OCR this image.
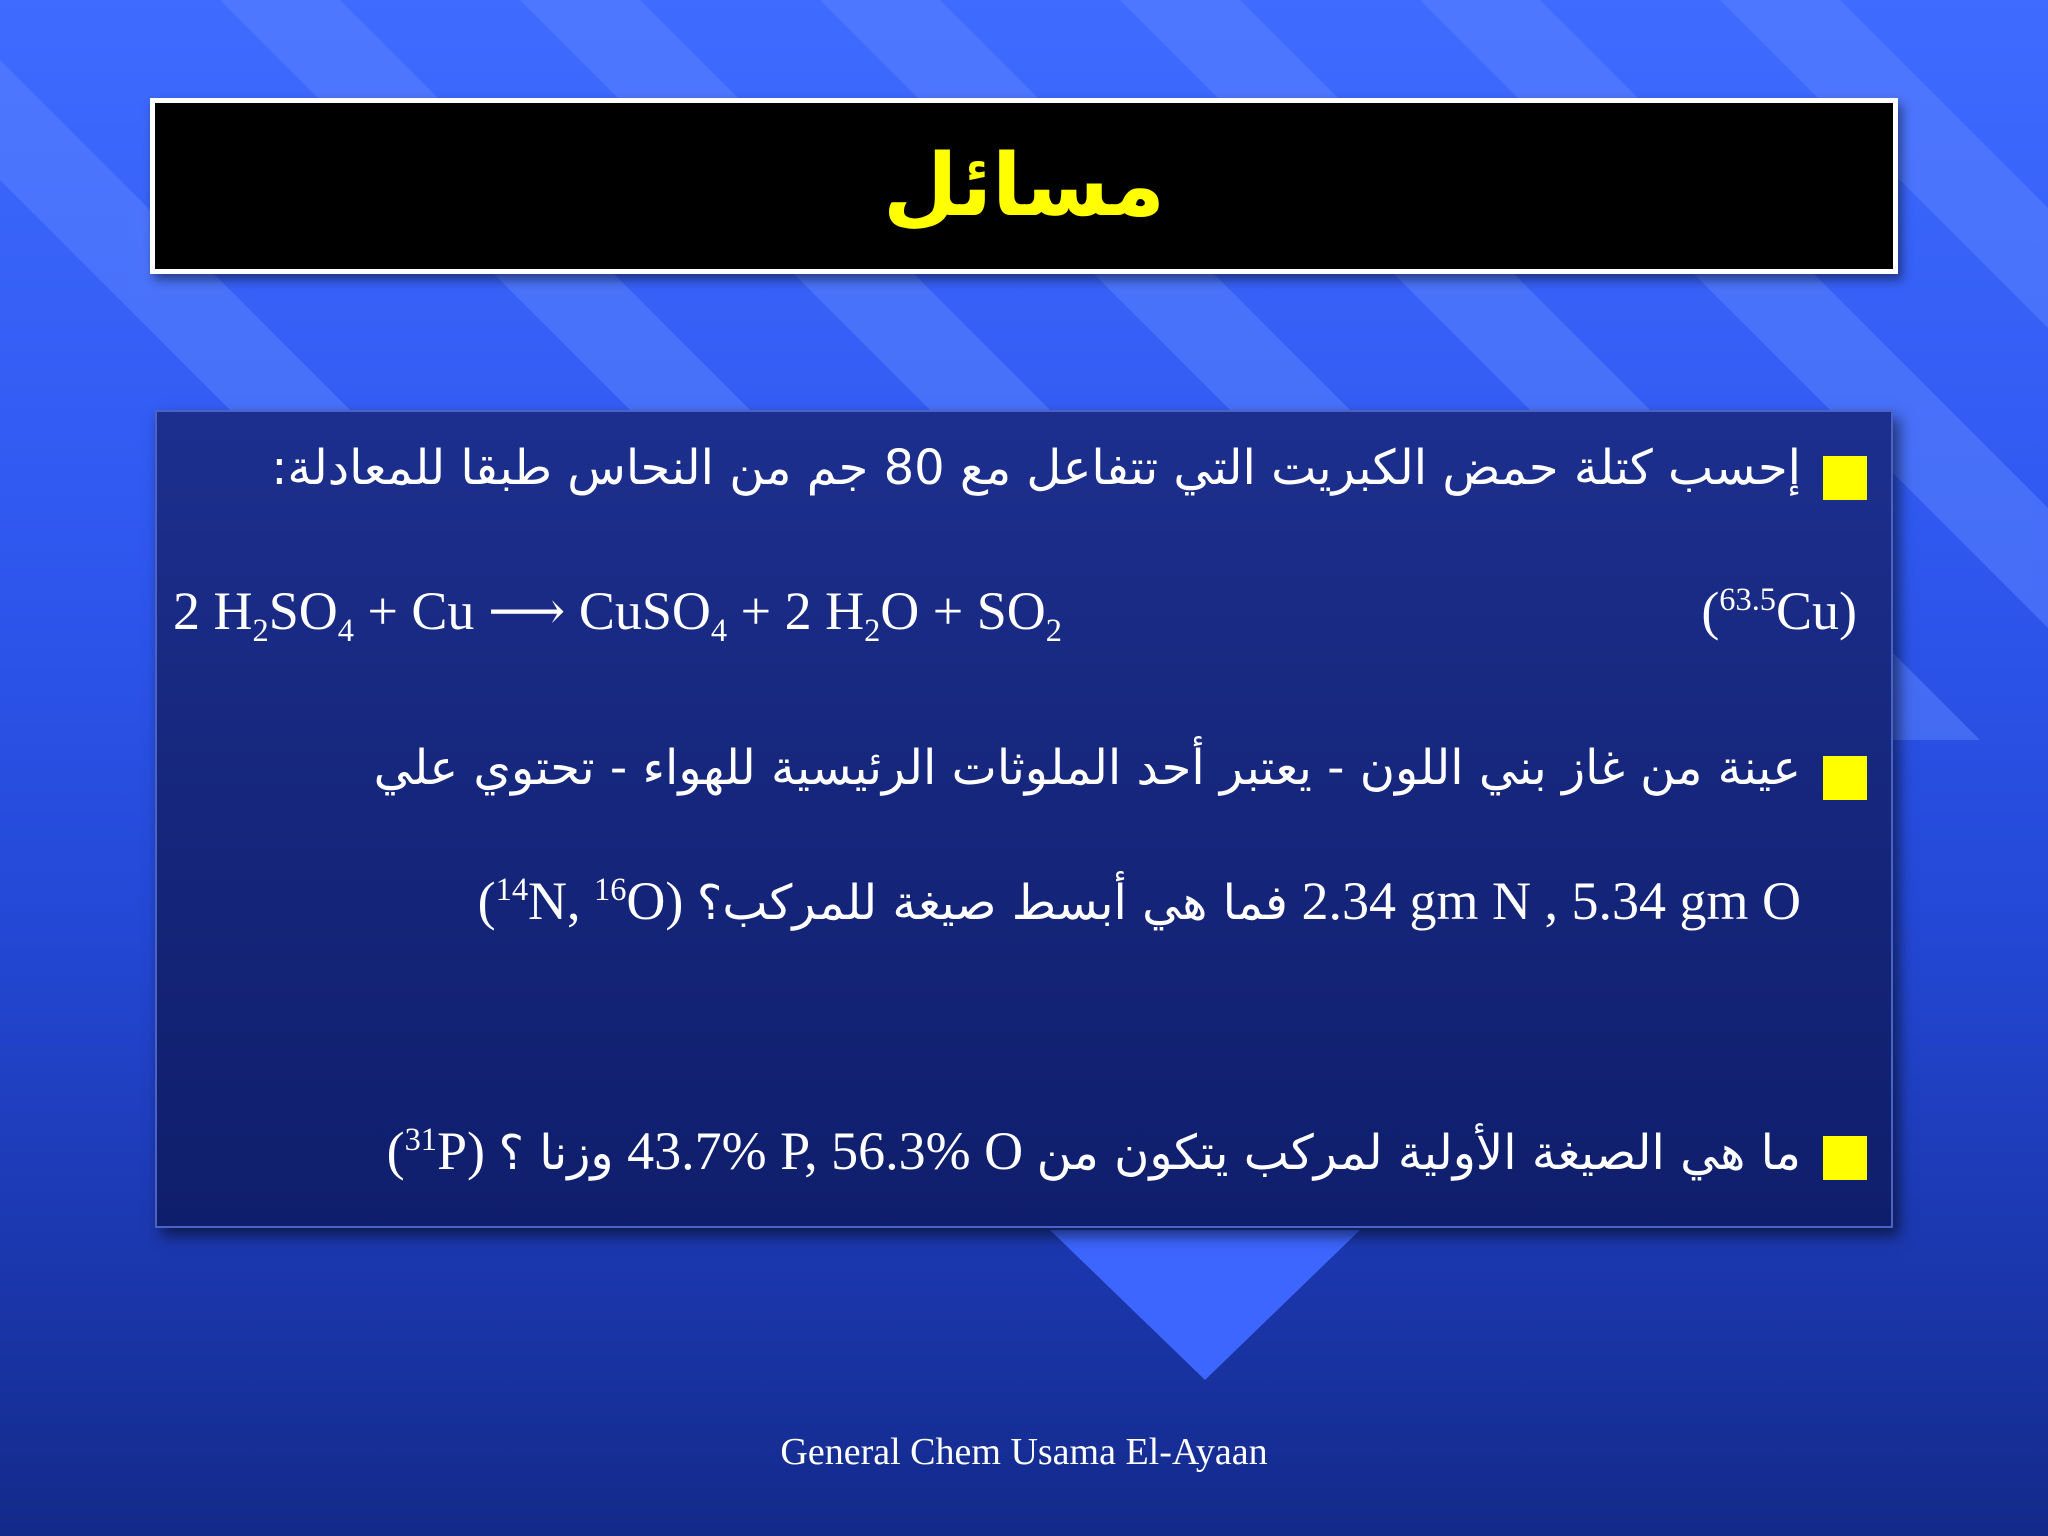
مسائل
إحسب كتلة حمض الكبريت التي تتفاعل مع 80 جم من النحاس طبقا للمعادلة:
2 $H_2SO_4 + Cu$ ⟶ CuSO$_4$ + 2 $H_2O + SO_2$	($^{63.5}$Cu)
عينة من غاز بني اللون - يعتبر أحد الملوثات الرئيسية للهواء - تحتوي علي
2.34 gm N , 5.34 gm O فما هي أبسط صيغة للمركب؟ ($^{14}$N, $^{16}$O)
ما هي الصيغة الأولية لمركب يتكون من 43.7% P, 56.3% O وزنا ؟ ($^{31}$P)
General Chem Usama El-Ayaan
